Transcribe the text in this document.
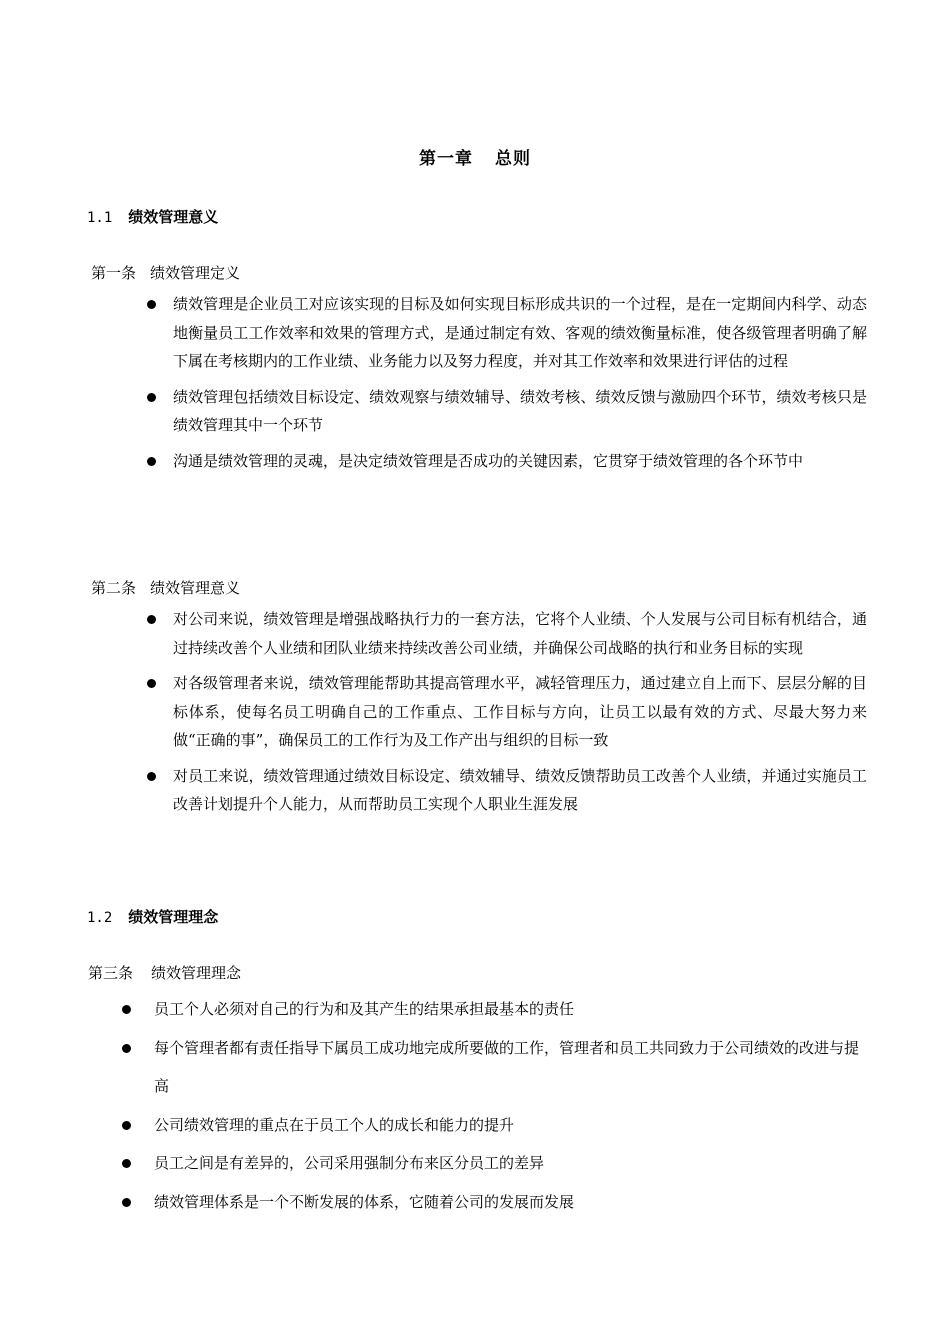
第一章 总则
1.1 绩效管理意义
第一条 绩效管理定义
绩效管理是企业员工对应该实现的目标及如何实现目标形成共识的一个过程，是在一定期间内科学、动态地衡量员工工作效率和效果的管理方式，是通过制定有效、客观的绩效衡量标准，使各级管理者明确了解下属在考核期内的工作业绩、业务能力以及努力程度，并对其工作效率和效果进行评估的过程
绩效管理包括绩效目标设定、绩效观察与绩效辅导、绩效考核、绩效反馈与激励四个环节，绩效考核只是绩效管理其中一个环节
沟通是绩效管理的灵魂，是决定绩效管理是否成功的关键因素，它贯穿于绩效管理的各个环节中
第二条 绩效管理意义
对公司来说，绩效管理是增强战略执行力的一套方法，它将个人业绩、个人发展与公司目标有机结合，通过持续改善个人业绩和团队业绩来持续改善公司业绩，并确保公司战略的执行和业务目标的实现
对各级管理者来说，绩效管理能帮助其提高管理水平，减轻管理压力，通过建立自上而下、层层分解的目标体系，使每名员工明确自己的工作重点、工作目标与方向，让员工以最有效的方式、尽最大努力来做“正确的事”，确保员工的工作行为及工作产出与组织的目标一致
对员工来说，绩效管理通过绩效目标设定、绩效辅导、绩效反馈帮助员工改善个人业绩，并通过实施员工改善计划提升个人能力，从而帮助员工实现个人职业生涯发展
1.2 绩效管理理念
第三条 绩效管理理念
员工个人必须对自己的行为和及其产生的结果承担最基本的责任
每个管理者都有责任指导下属员工成功地完成所要做的工作，管理者和员工共同致力于公司绩效的改进与提高
公司绩效管理的重点在于员工个人的成长和能力的提升
员工之间是有差异的，公司采用强制分布来区分员工的差异
绩效管理体系是一个不断发展的体系，它随着公司的发展而发展
